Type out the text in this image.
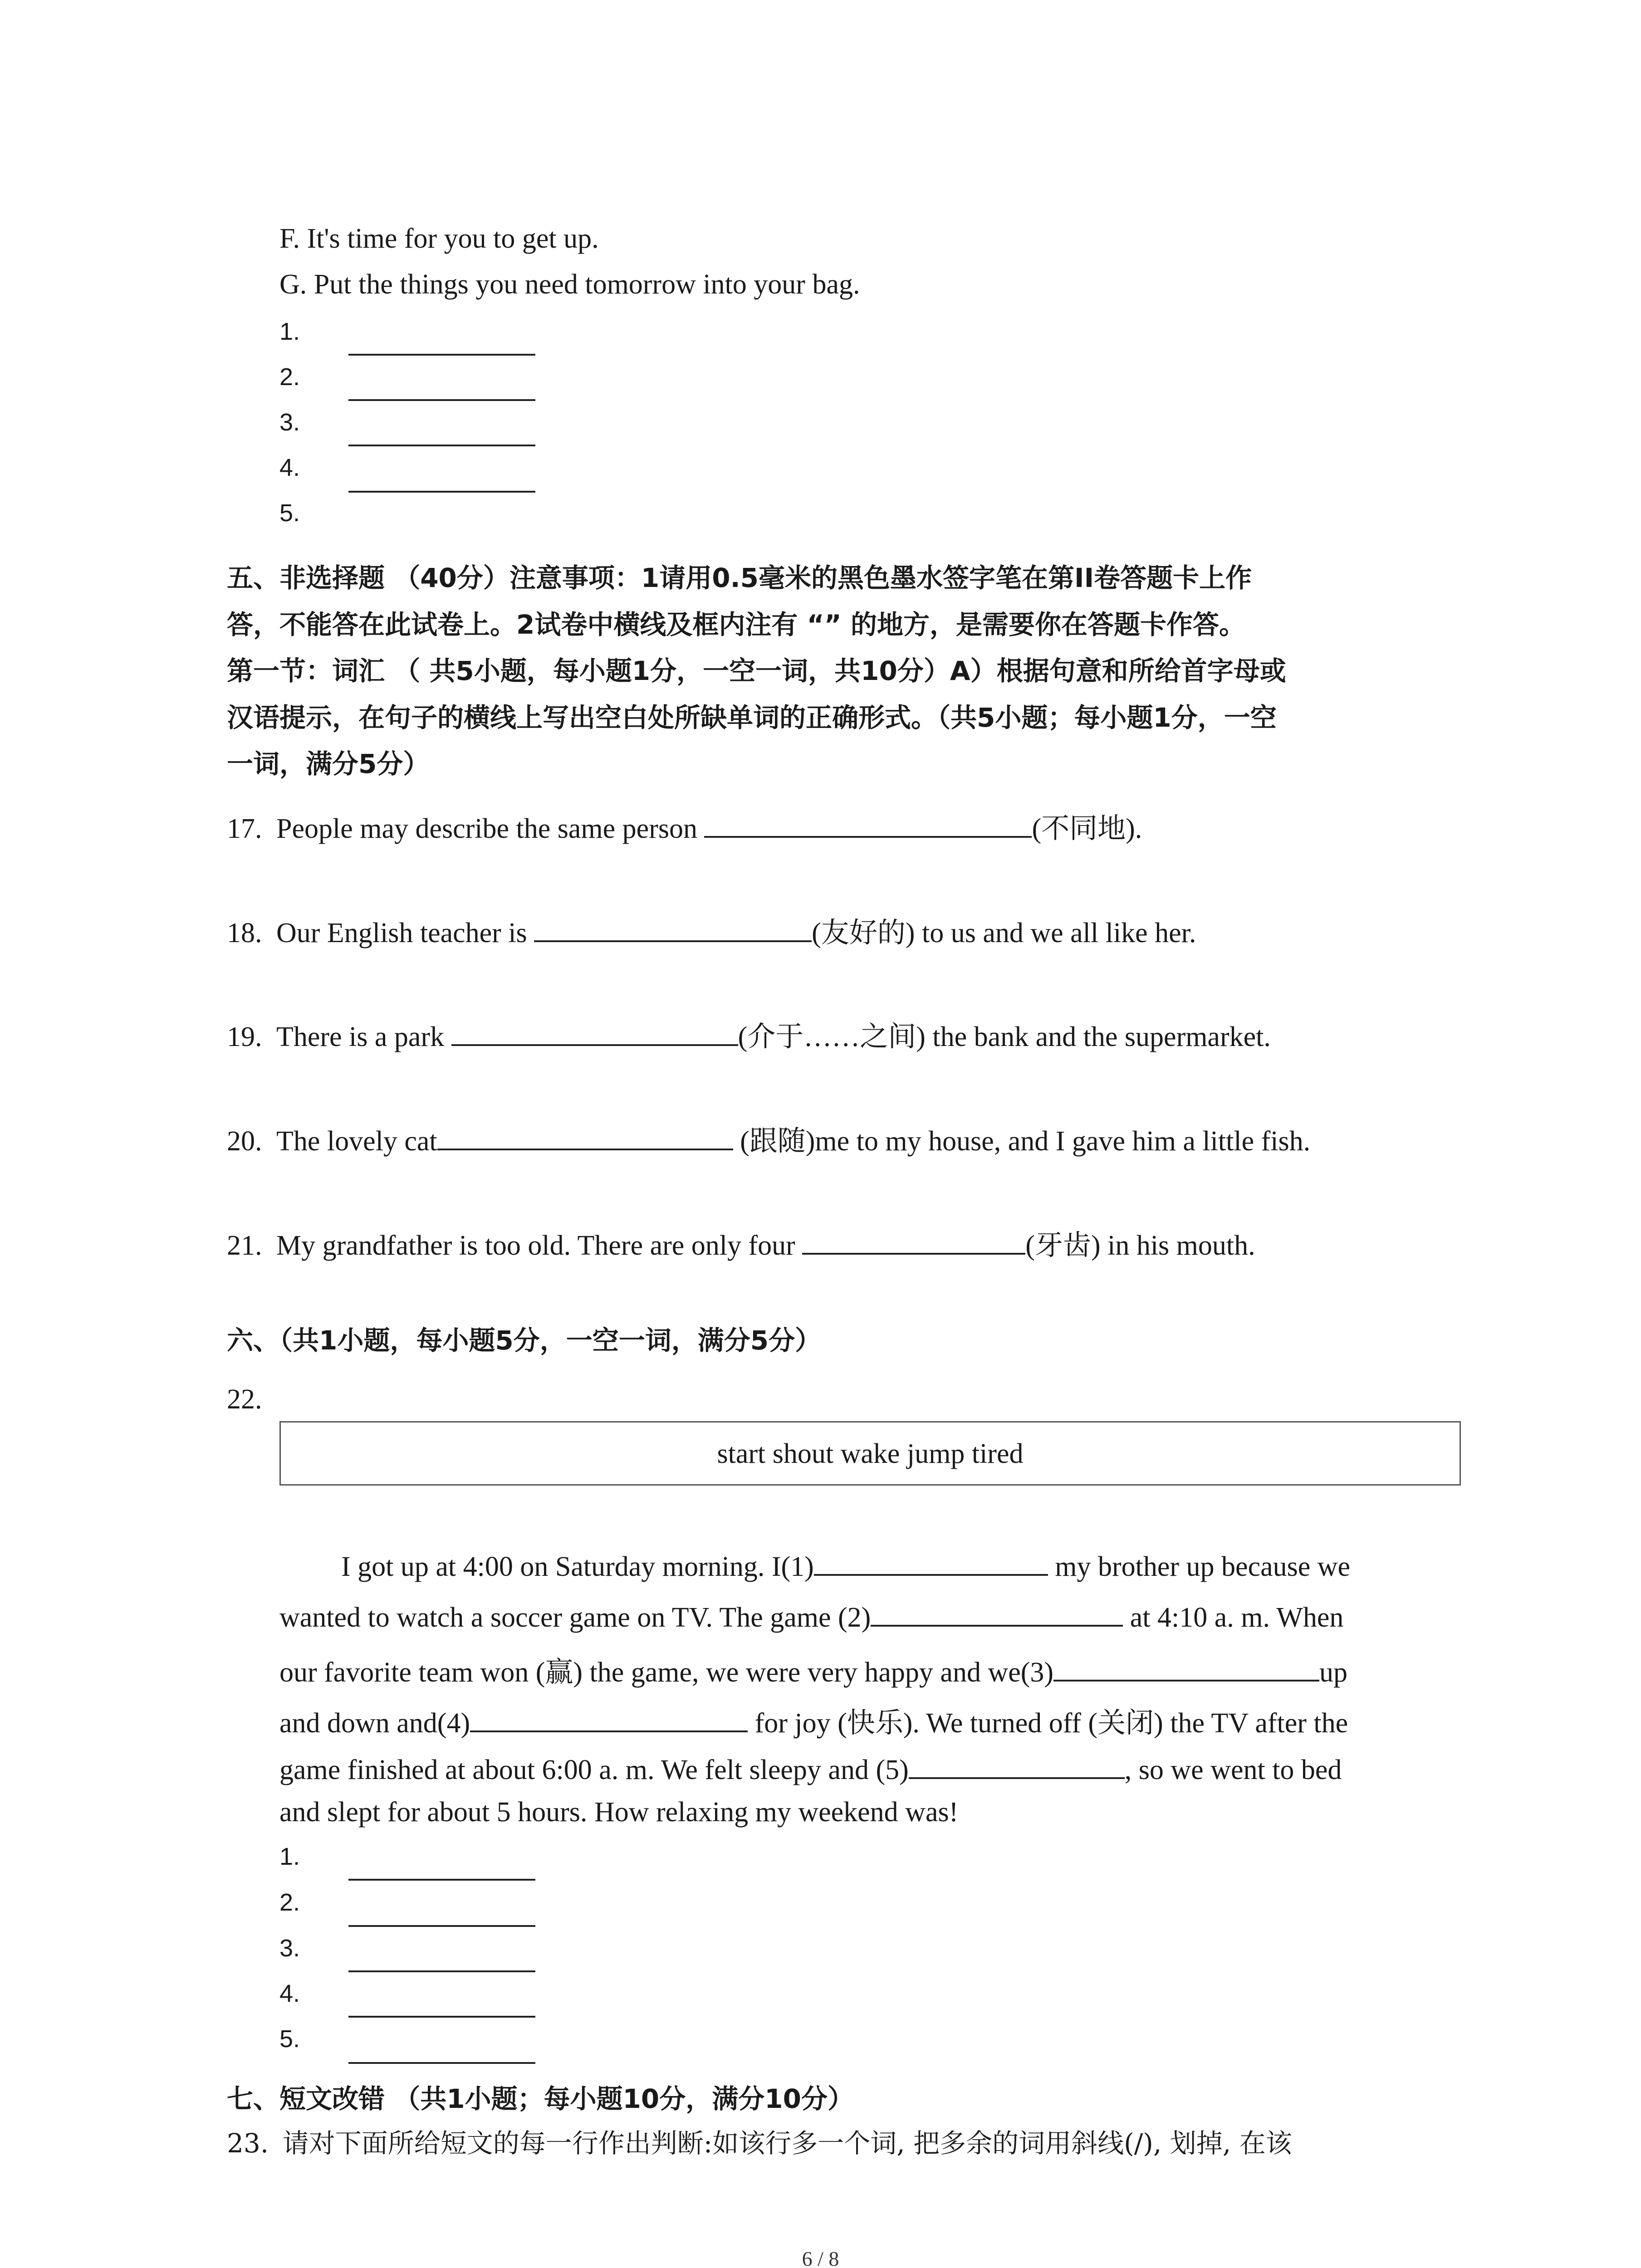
F. It's time for you to get up.
G. Put the things you need tomorrow into your bag.
1.
2.
3.
4.
5.
五、非选择题 （40分）注意事项：1请用0.5毫米的黑色墨水签字笔在第II卷答题卡上作
答，不能答在此试卷上。2试卷中横线及框内注有 “” 的地方，是需要你在答题卡作答。
第一节：词汇 （ 共5小题，每小题1分，一空一词，共10分）A）根据句意和所给首字母或
汉语提示，在句子的横线上写出空白处所缺单词的正确形式。（共5小题；每小题1分，一空
一词，满分5分）
17. People may describe the same person	(不同地).
18. Our English teacher is	(友好的) to us and we all like her.
19. There is a park	(介于……之间) the bank and the supermarket.
20. The lovely cat	(跟随)me to my house, and I gave him a little fish.
21. My grandfather is too old. There are only four	(牙齿) in his mouth.
六、（共1小题，每小题5分，一空一词，满分5分）
22.
start shout wake jump tired
I got up at 4:00 on Saturday morning. I(1)	my brother up because we
wanted to watch a soccer game on TV. The game (2)	at 4:10 a. m. When
our favorite team won (赢) the game, we were very happy and we(3)	up
and down and(4)	for joy (快乐). We turned off (关闭) the TV after the
game finished at about 6:00 a. m. We felt sleepy and (5)	, so we went to bed
and slept for about 5 hours. How relaxing my weekend was!
1.
2.
3.
4.
5.
七、短文改错 （共1小题；每小题10分，满分10分）
23. 请对下面所给短文的每一行作出判断:如该行多一个词, 把多余的词用斜线(/), 划掉, 在该
6 / 8
